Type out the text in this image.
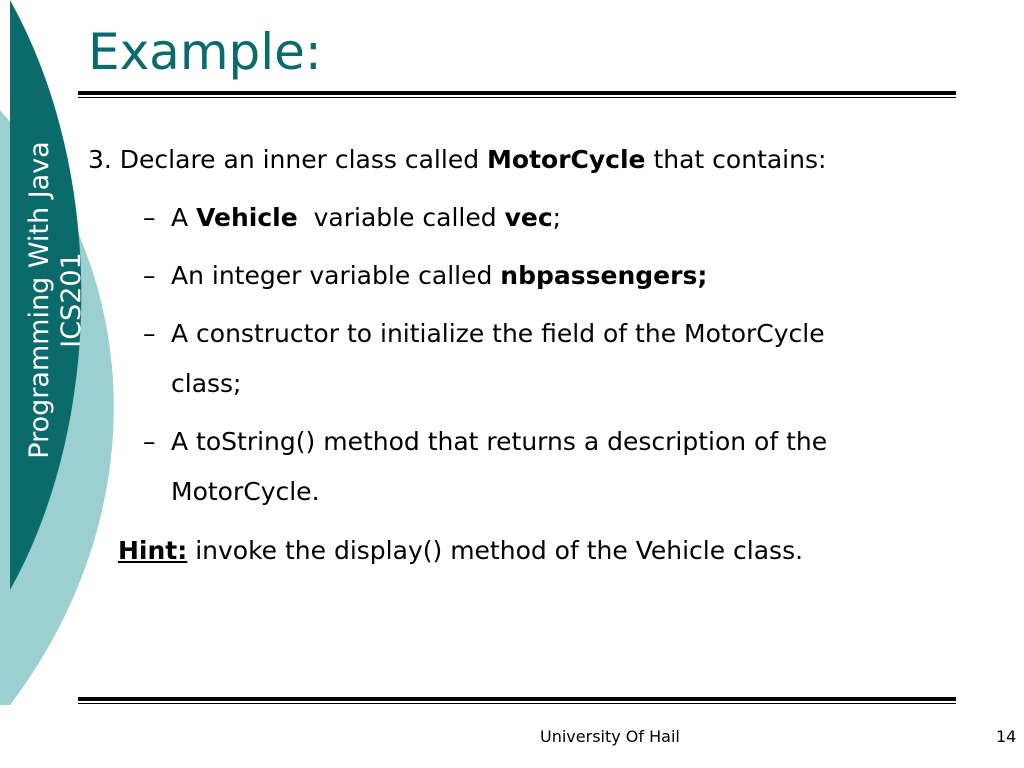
Programming With Java ICS201
Example:
3. Declare an inner class called MotorCycle that contains:
– A Vehicle  variable called vec;
– An integer variable called nbpassengers;
– A constructor to initialize the field of the MotorCycle
class;
– A toString() method that returns a description of the
MotorCycle.
Hint: invoke the display() method of the Vehicle class.
University Of Hail	14
